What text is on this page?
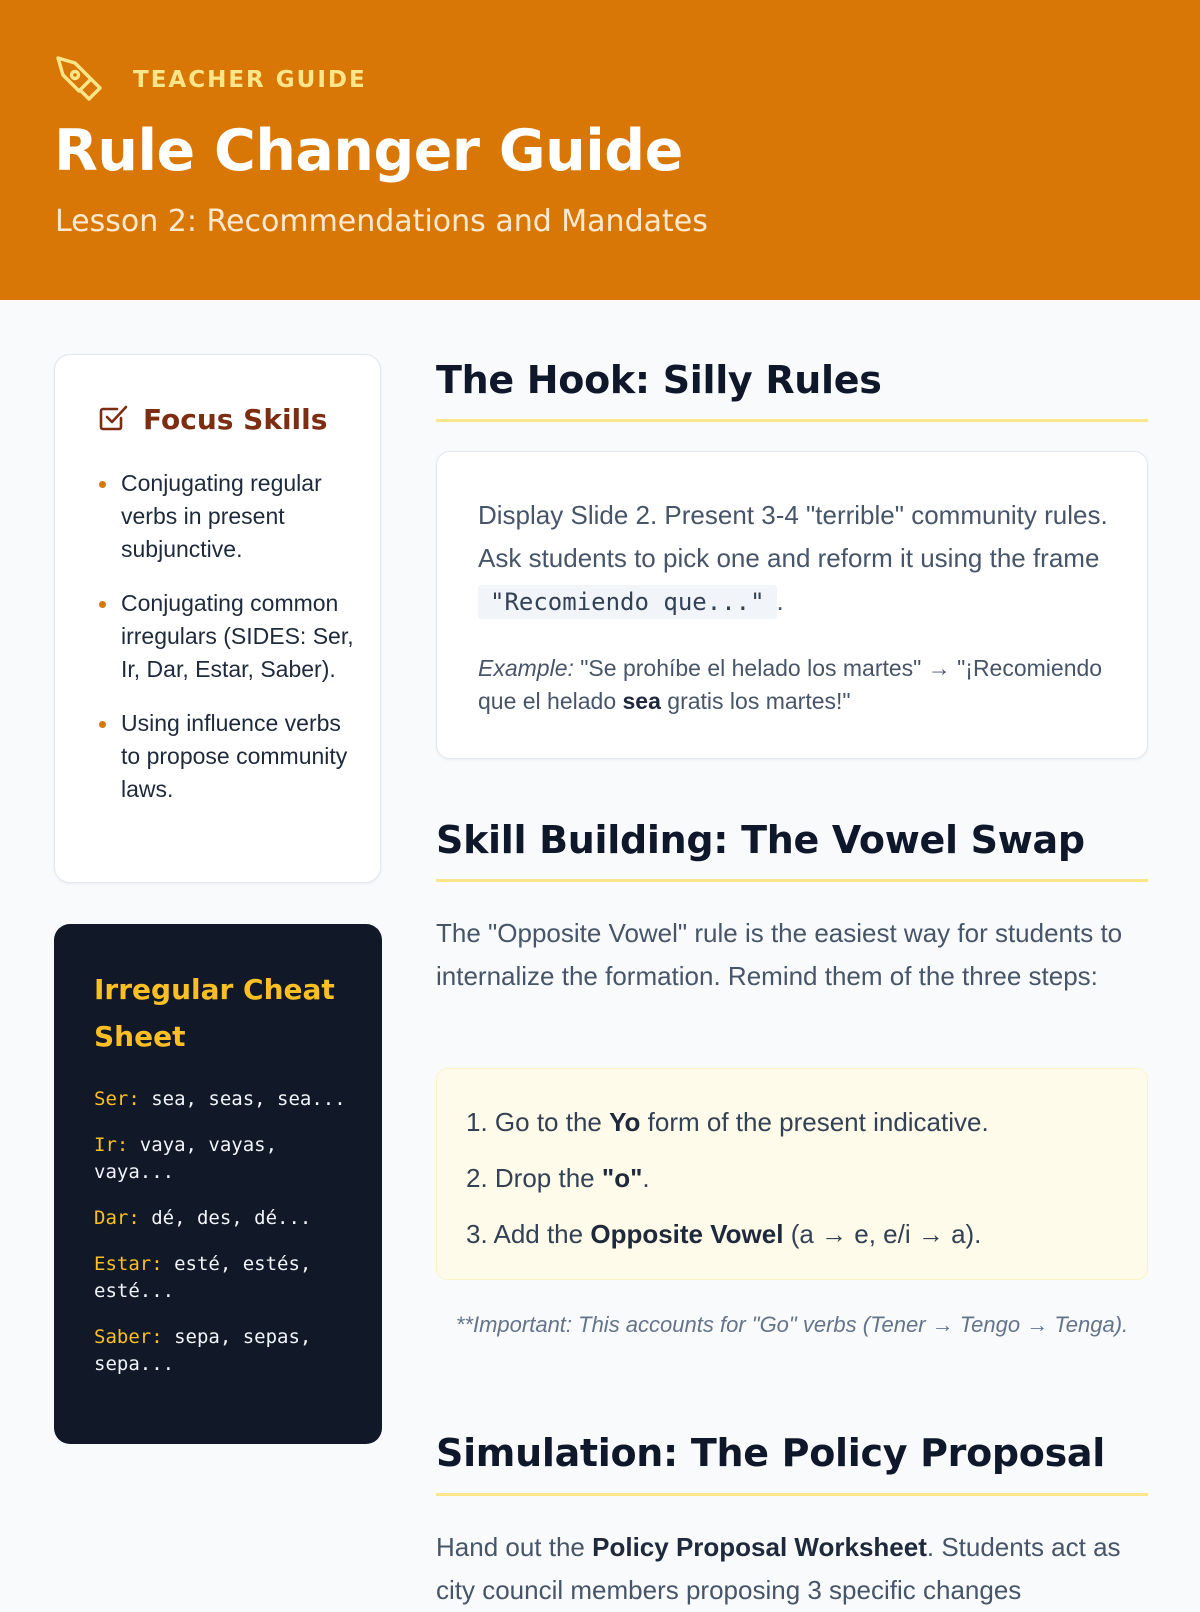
TEACHER GUIDE
Rule Changer Guide
Lesson 2: Recommendations and Mandates
Focus Skills
Conjugating regular verbs in present subjunctive.
Conjugating common irregulars (SIDES: Ser, Ir, Dar, Estar, Saber).
Using influence verbs to propose community laws.
Irregular Cheat Sheet
Ser: sea, seas, sea...
Ir: vaya, vayas, vaya...
Dar: dé, des, dé...
Estar: esté, estés, esté...
Saber: sepa, sepas, sepa...
The Hook: Silly Rules
Display Slide 2. Present 3-4 "terrible" community rules. Ask students to pick one and reform it using the frame "Recomiendo que..." .
Example: "Se prohíbe el helado los martes" → "¡Recomiendo que el helado sea gratis los martes!"
Skill Building: The Vowel Swap
The "Opposite Vowel" rule is the easiest way for students to internalize the formation. Remind them of the three steps:
1. Go to the Yo form of the present indicative.
2. Drop the "o".
3. Add the Opposite Vowel (a → e, e/i → a).
**Important: This accounts for "Go" verbs (Tener → Tengo → Tenga).
Simulation: The Policy Proposal
Hand out the Policy Proposal Worksheet. Students act as city council members proposing 3 specific changes
